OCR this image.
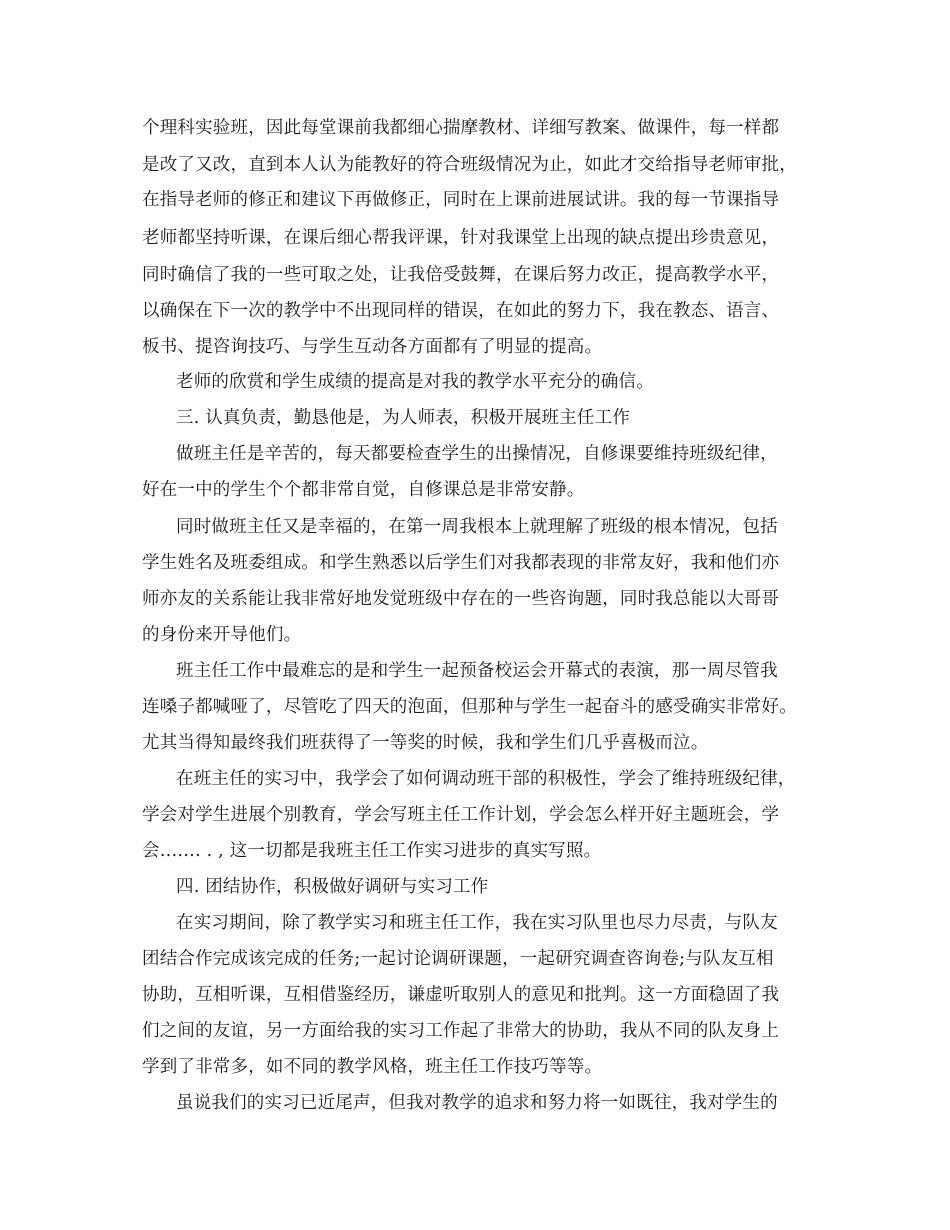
个理科实验班，因此每堂课前我都细心揣摩教材、详细写教案、做课件，每一样都
是改了又改，直到本人认为能教好的符合班级情况为止，如此才交给指导老师审批，
在指导老师的修正和建议下再做修正，同时在上课前进展试讲。我的每一节课指导
老师都坚持听课，在课后细心帮我评课，针对我课堂上出现的缺点提出珍贵意见，
同时确信了我的一些可取之处，让我倍受鼓舞，在课后努力改正，提高教学水平，
以确保在下一次的教学中不出现同样的错误，在如此的努力下，我在教态、语言、
板书、提咨询技巧、与学生互动各方面都有了明显的提高。
老师的欣赏和学生成绩的提高是对我的教学水平充分的确信。
三. 认真负责，勤恳他是，为人师表，积极开展班主任工作
做班主任是辛苦的，每天都要检查学生的出操情况，自修课要维持班级纪律，
好在一中的学生个个都非常自觉，自修课总是非常安静。
同时做班主任又是幸福的，在第一周我根本上就理解了班级的根本情况，包括
学生姓名及班委组成。和学生熟悉以后学生们对我都表现的非常友好，我和他们亦
师亦友的关系能让我非常好地发觉班级中存在的一些咨询题，同时我总能以大哥哥
的身份来开导他们。
班主任工作中最难忘的是和学生一起预备校运会开幕式的表演，那一周尽管我
连嗓子都喊哑了，尽管吃了四天的泡面，但那种与学生一起奋斗的感受确实非常好。
尤其当得知最终我们班获得了一等奖的时候，我和学生们几乎喜极而泣。
在班主任的实习中，我学会了如何调动班干部的积极性，学会了维持班级纪律，
学会对学生进展个别教育，学会写班主任工作计划，学会怎么样开好主题班会，学
会……. . , 这一切都是我班主任工作实习进步的真实写照。
四. 团结协作，积极做好调研与实习工作
在实习期间，除了教学实习和班主任工作，我在实习队里也尽力尽责，与队友
团结合作完成该完成的任务;一起讨论调研课题，一起研究调查咨询卷;与队友互相
协助，互相听课，互相借鉴经历，谦虚听取别人的意见和批判。这一方面稳固了我
们之间的友谊，另一方面给我的实习工作起了非常大的协助，我从不同的队友身上
学到了非常多，如不同的教学风格，班主任工作技巧等等。
虽说我们的实习已近尾声，但我对教学的追求和努力将一如既往，我对学生的
